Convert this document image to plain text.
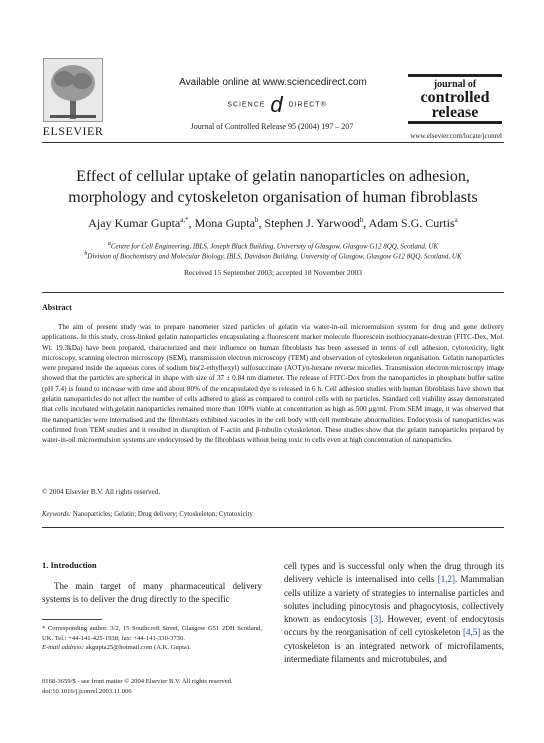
ELSEVIER
Available online at www.sciencedirect.com
SCIENCE d DIRECT®
Journal of Controlled Release 95 (2004) 197 – 207
journal of
controlled
release
www.elsevier.com/locate/jconrel
Effect of cellular uptake of gelatin nanoparticles on adhesion,
morphology and cytoskeleton organisation of human fibroblasts
Ajay Kumar Gupta$^{a,*}$, Mona Gupta$^b$, Stephen J. Yarwood$^b$, Adam S.G. Curtis$^a$
$^a$Centre for Cell Engineering, IBLS, Joseph Black Building, University of Glasgow, Glasgow G12 8QQ, Scotland, UK
$^b$Division of Biochemistry and Molecular Biology, IBLS, Davidson Building, University of Glasgow, Glasgow G12 8QQ, Scotland, UK
Received 15 September 2003; accepted 18 November 2003
Abstract
The aim of present study was to prepare nanometer sized particles of gelatin via water-in-oil microemulsion system for drug and gene delivery applications. In this study, cross-linked gelatin nanoparticles encapsulating a fluorescent marker molecule fluorescein isothiocyanate-dextran (FITC-Dex, Mol. Wt. 19.3kDa) have been prepared, characterized and their influence on human fibroblasts has been assessed in terms of cell adhesion, cytotoxicity, light microscopy, scanning electron microscopy (SEM), transmission electron microscopy (TEM) and observation of cytoskeleton organisation. Gelatin nanoparticles were prepared inside the aqueous cores of sodium bis(2-ethylhexyl) sulfosuccinate (AOT)/n-hexane reverse micelles. Transmission electron microscopy image showed that the particles are spherical in shape with size of 37 ± 0.84 nm diameter. The release of FITC-Dex from the nanoparticles in phosphate buffer saline (pH 7.4) is found to increase with time and about 80% of the encapsulated dye is released in 6 h. Cell adhesion studies with human fibroblasts have shown that gelatin nanoparticles do not affect the number of cells adhered to glass as compared to control cells with no particles. Standard cell viability assay demonstrated that cells incubated with gelatin nanoparticles remained more than 100% viable at concentration as high as 500 μg/ml. From SEM image, it was observed that the nanoparticles were internalised and the fibroblasts exhibited vacuoles in the cell body with cell membrane abnormalities. Endocytosis of nanoparticles was confirmed from TEM studies and it resulted in disruption of F-actin and β-tubulin cytoskeleton. These studies show that the gelatin nanoparticles prepared by water-in-oil microemulsion systems are endocytosed by the fibroblasts without being toxic to cells even at high concentration of nanoparticles.
© 2004 Elsevier B.V. All rights reserved.
Keywords: Nanoparticles; Gelatin; Drug delivery; Cytoskeleton; Cytotoxicity
1. Introduction
The main target of many pharmaceutical delivery systems is to deliver the drug directly to the specific
cell types and is successful only when the drug through its delivery vehicle is internalised into cells [1,2]. Mammalian cells utilize a variety of strategies to internalise particles and solutes including pinocytosis and phagocytosis, collectively known as endocytosis [3]. However, event of endocytosis occurs by the reorganisation of cell cytoskeleton [4,5] as the cytoskeleton is an integrated network of microfilaments, intermediate filaments and microtubules, and
* Corresponding author. 3/2, 15 Southcroft Street, Glasgow G51 2DH Scotland, UK. Tel.: +44-141-425-1938; fax: +44-141-330-3730.
E-mail address: akgupta25@hotmail.com (A.K. Gupta).
0168-3659/$ - see front matter © 2004 Elsevier B.V. All rights reserved.
doi:10.1016/j.jconrel.2003.11.006
